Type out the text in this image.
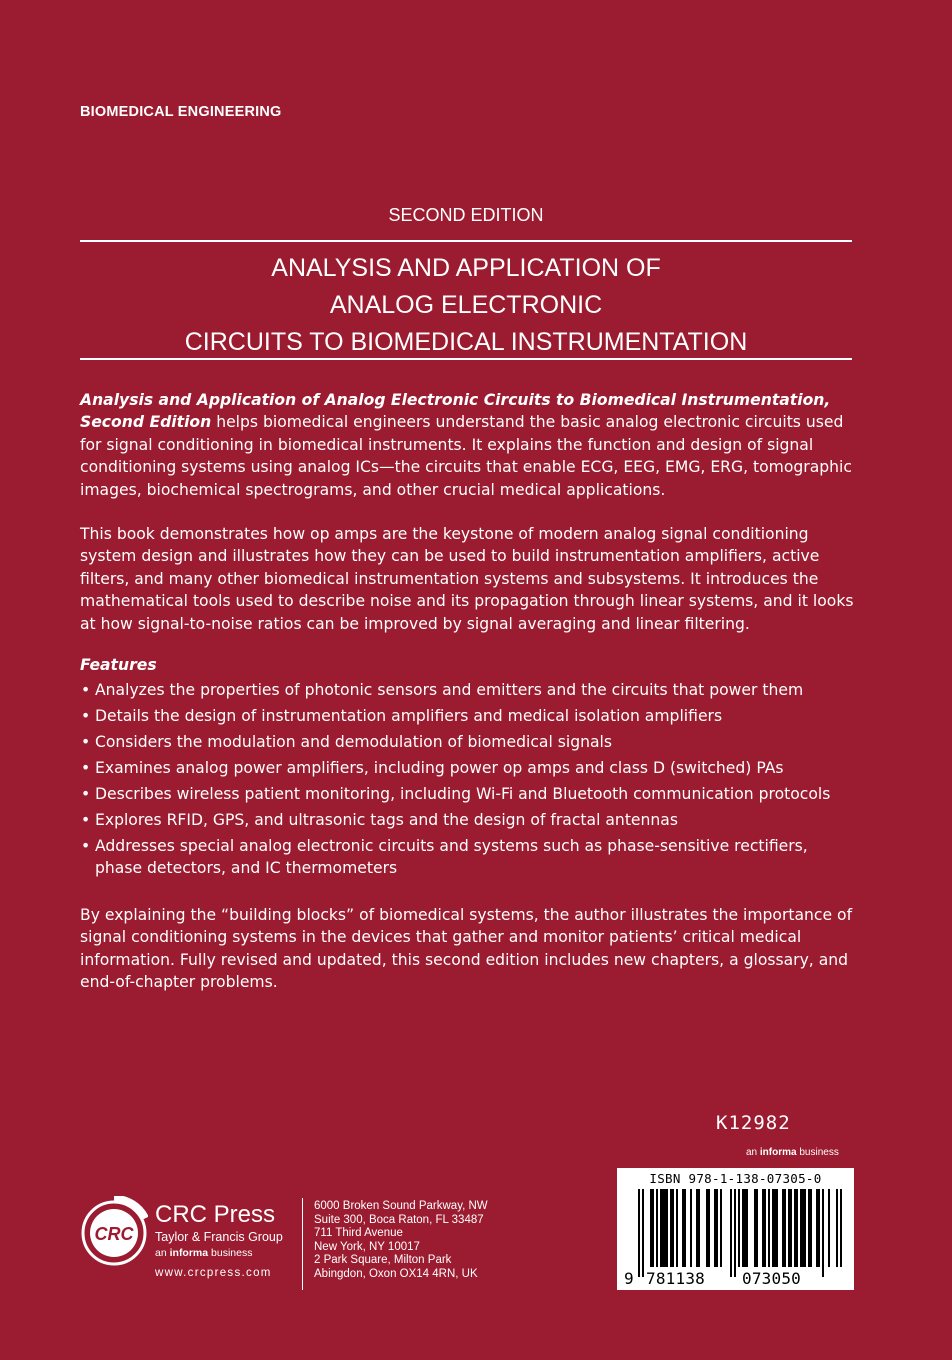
BIOMEDICAL ENGINEERING
SECOND EDITION
ANALYSIS AND APPLICATION OF
ANALOG ELECTRONIC
CIRCUITS TO BIOMEDICAL INSTRUMENTATION

Analysis and Application of Analog Electronic Circuits to Biomedical Instrumentation, Second Edition helps biomedical engineers understand the basic analog electronic circuits used for signal conditioning in biomedical instruments. It explains the function and design of signal conditioning systems using analog ICs—the circuits that enable ECG, EEG, EMG, ERG, tomographic images, biochemical spectrograms, and other crucial medical applications.

This book demonstrates how op amps are the keystone of modern analog signal conditioning system design and illustrates how they can be used to build instrumentation amplifiers, active filters, and many other biomedical instrumentation systems and subsystems. It introduces the mathematical tools used to describe noise and its propagation through linear systems, and it looks at how signal-to-noise ratios can be improved by signal averaging and linear filtering.

Features
• Analyzes the properties of photonic sensors and emitters and the circuits that power them
• Details the design of instrumentation amplifiers and medical isolation amplifiers
• Considers the modulation and demodulation of biomedical signals
• Examines analog power amplifiers, including power op amps and class D (switched) PAs
• Describes wireless patient monitoring, including Wi-Fi and Bluetooth communication protocols
• Explores RFID, GPS, and ultrasonic tags and the design of fractal antennas
• Addresses special analog electronic circuits and systems such as phase-sensitive rectifiers, phase detectors, and IC thermometers

By explaining the “building blocks” of biomedical systems, the author illustrates the importance of signal conditioning systems in the devices that gather and monitor patients’ critical medical information. Fully revised and updated, this second edition includes new chapters, a glossary, and end-of-chapter problems.

K12982
an informa business
ISBN 978-1-138-07305-0
9 781138 073050
CRC
CRC Press
Taylor & Francis Group
an informa business
www.crcpress.com
6000 Broken Sound Parkway, NW
Suite 300, Boca Raton, FL 33487
711 Third Avenue
New York, NY 10017
2 Park Square, Milton Park
Abingdon, Oxon OX14 4RN, UK
